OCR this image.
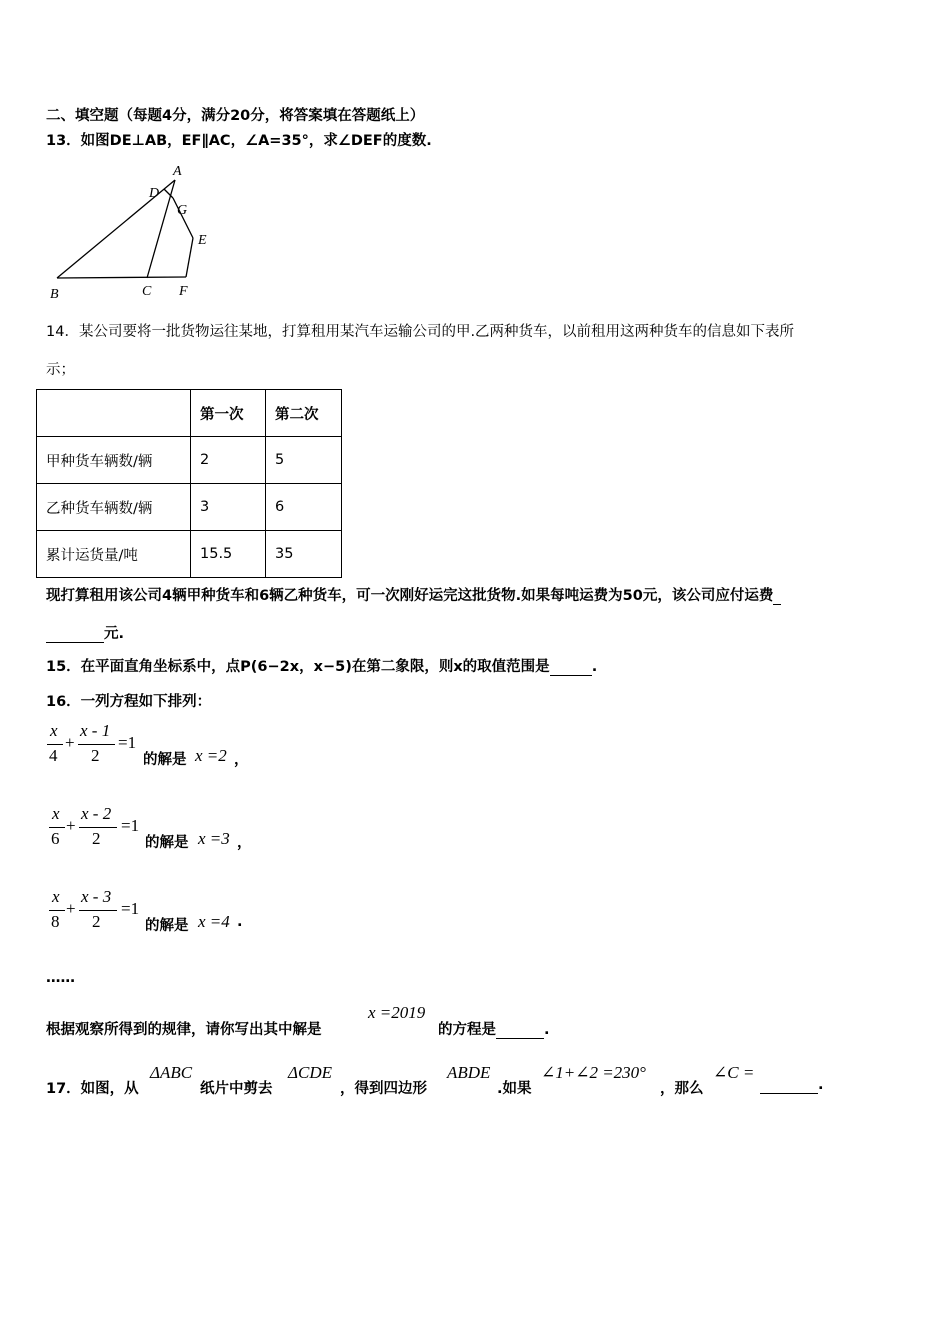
二、填空题（每题4分，满分20分，将答案填在答题纸上）
13．如图DE⊥AB，EF∥AC，∠A=35°，求∠DEF的度数.
A
D
G
E
B	C F
14．某公司要将一批货物运往某地，打算租用某汽车运输公司的甲.乙两种货车，以前租用这两种货车的信息如下表所
示；
	第一次	第二次
甲种货车辆数/辆	2	5
乙种货车辆数/辆	3	6
累计运货量/吨	15.5	35
现打算租用该公司4辆甲种货车和6辆乙种货车，可一次刚好运完这批货物.如果每吨运费为50元，该公司应付运费
元.
15．在平面直角坐标系中，点P(6−2x，x−5)在第二象限，则x的取值范围是	.
16．一列方程如下排列：
x
4
+
x - 1
2
=1
的解是 x =2 ，
x
6
+
x - 2
2
=1
的解是 x =3 ，
x
8
+
x - 3
2
=1
的解是 x =4 .
……
根据观察所得到的规律，请你写出其中解是
x =2019
的方程是	.
17．如图，从
ΔABC
纸片中剪去
ΔCDE
，得到四边形
ABDE
.如果
∠1+∠2 =230°
，那么
∠C =
.
